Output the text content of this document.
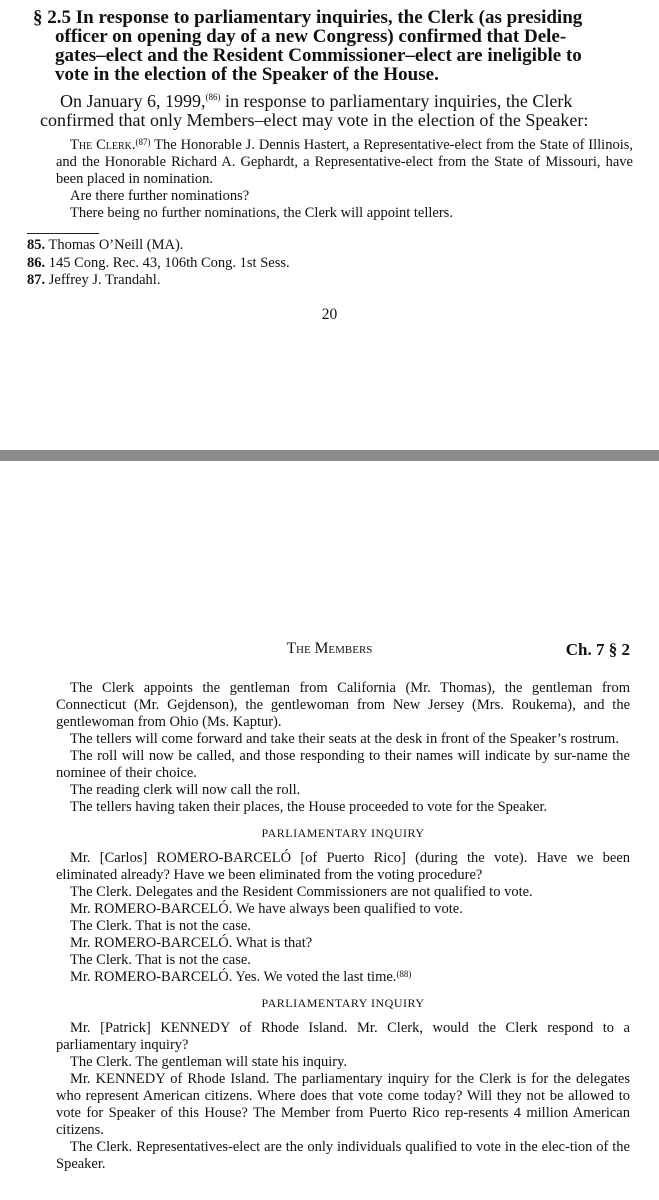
§ 2.5 In response to parliamentary inquiries, the Clerk (as presiding
officer on opening day of a new Congress) confirmed that Dele-
gates–elect and the Resident Commissioner–elect are ineligible to
vote in the election of the Speaker of the House.
On January 6, 1999,$^{(86)}$ in response to parliamentary inquiries, the Clerk
confirmed that only Members–elect may vote in the election of the Speaker:

The Clerk.$^{(87)}$ The Honorable J. Dennis Hastert, a Representative-elect from the State of Illinois, and the Honorable Richard A. Gephardt, a Representative-elect from the State of Missouri, have been placed in nomination.

Are there further nominations?

There being no further nominations, the Clerk will appoint tellers.

85. Thomas O’Neill (MA).
86. 145 Cong. Rec. 43, 106th Cong. 1st Sess.
87. Jeffrey J. Trandahl.
20
The Members	Ch. 7 § 2

The Clerk appoints the gentleman from California (Mr. Thomas), the gentleman from Connecticut (Mr. Gejdenson), the gentlewoman from New Jersey (Mrs. Roukema), and the gentlewoman from Ohio (Ms. Kaptur).

The tellers will come forward and take their seats at the desk in front of the Speaker’s rostrum.

The roll will now be called, and those responding to their names will indicate by sur-name the nominee of their choice.

The reading clerk will now call the roll.

The tellers having taken their places, the House proceeded to vote for the Speaker.

PARLIAMENTARY INQUIRY

Mr. [Carlos] ROMERO-BARCELÓ [of Puerto Rico] (during the vote). Have we been eliminated already? Have we been eliminated from the voting procedure?

The Clerk. Delegates and the Resident Commissioners are not qualified to vote.

Mr. ROMERO-BARCELÓ. We have always been qualified to vote.

The Clerk. That is not the case.

Mr. ROMERO-BARCELÓ. What is that?

The Clerk. That is not the case.

Mr. ROMERO-BARCELÓ. Yes. We voted the last time.$^{(88)}$

PARLIAMENTARY INQUIRY

Mr. [Patrick] KENNEDY of Rhode Island. Mr. Clerk, would the Clerk respond to a parliamentary inquiry?

The Clerk. The gentleman will state his inquiry.

Mr. KENNEDY of Rhode Island. The parliamentary inquiry for the Clerk is for the delegates who represent American citizens. Where does that vote come today? Will they not be allowed to vote for Speaker of this House? The Member from Puerto Rico rep-resents 4 million American citizens.

The Clerk. Representatives-elect are the only individuals qualified to vote in the elec-tion of the Speaker.
